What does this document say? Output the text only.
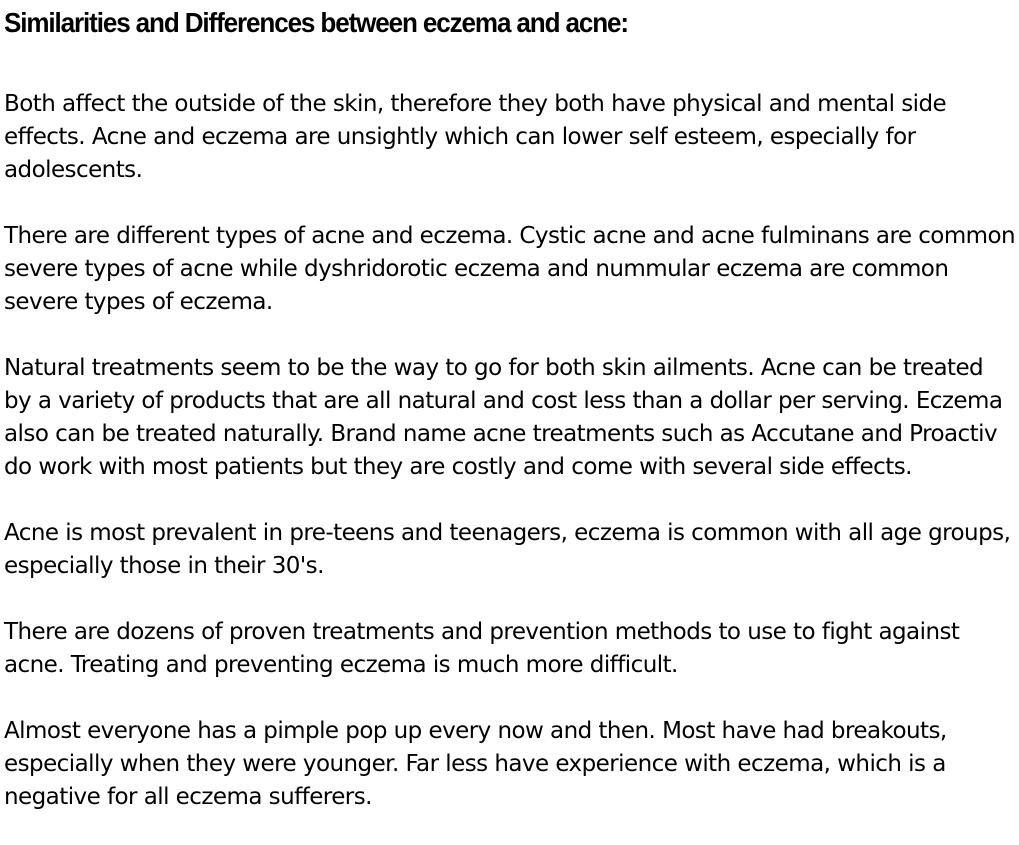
Similarities and Differences between eczema and acne:

Both affect the outside of the skin, therefore they both have physical and mental side effects. Acne and eczema are unsightly which can lower self esteem, especially for adolescents.

There are different types of acne and eczema. Cystic acne and acne fulminans are common severe types of acne while dyshridorotic eczema and nummular eczema are common severe types of eczema.

Natural treatments seem to be the way to go for both skin ailments. Acne can be treated by a variety of products that are all natural and cost less than a dollar per serving. Eczema also can be treated naturally. Brand name acne treatments such as Accutane and Proactiv do work with most patients but they are costly and come with several side effects.

Acne is most prevalent in pre-teens and teenagers, eczema is common with all age groups, especially those in their 30's.

There are dozens of proven treatments and prevention methods to use to fight against acne. Treating and preventing eczema is much more difficult.

Almost everyone has a pimple pop up every now and then. Most have had breakouts, especially when they were younger. Far less have experience with eczema, which is a negative for all eczema sufferers.
